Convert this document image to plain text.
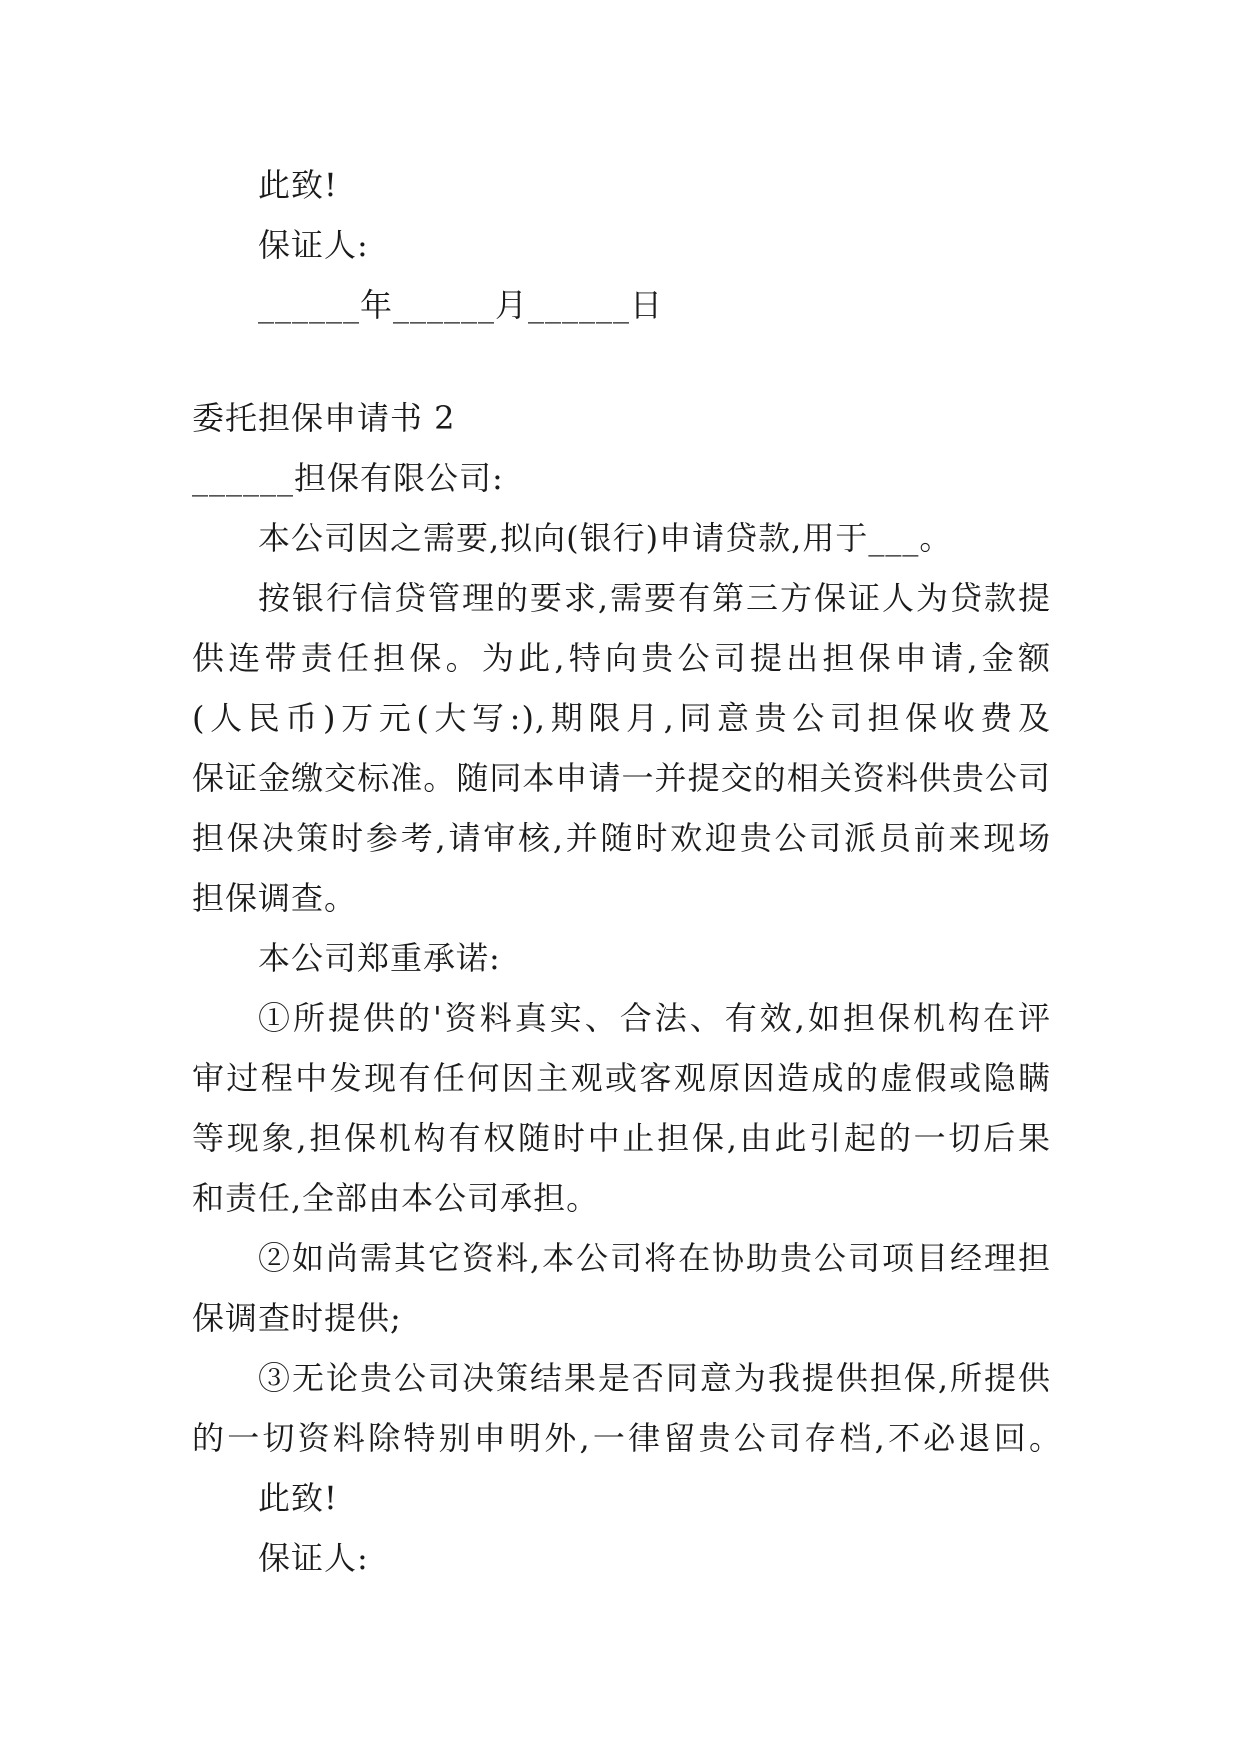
此致!
保证人:
______年______月______日
委托担保申请书 2
______担保有限公司:
本公司因之需要,拟向(银行)申请贷款,用于___。
按银行信贷管理的要求,需要有第三方保证人为贷款提
供连带责任担保。为此,特向贵公司提出担保申请,金额
(人民币)万元(大写:),期限月,同意贵公司担保收费及
保证金缴交标准。随同本申请一并提交的相关资料供贵公司
担保决策时参考,请审核,并随时欢迎贵公司派员前来现场
担保调查。
本公司郑重承诺:
①所提供的'资料真实、合法、有效,如担保机构在评
审过程中发现有任何因主观或客观原因造成的虚假或隐瞒
等现象,担保机构有权随时中止担保,由此引起的一切后果
和责任,全部由本公司承担。
②如尚需其它资料,本公司将在协助贵公司项目经理担
保调查时提供;
③无论贵公司决策结果是否同意为我提供担保,所提供
的一切资料除特别申明外,一律留贵公司存档,不必退回。
此致!
保证人:
